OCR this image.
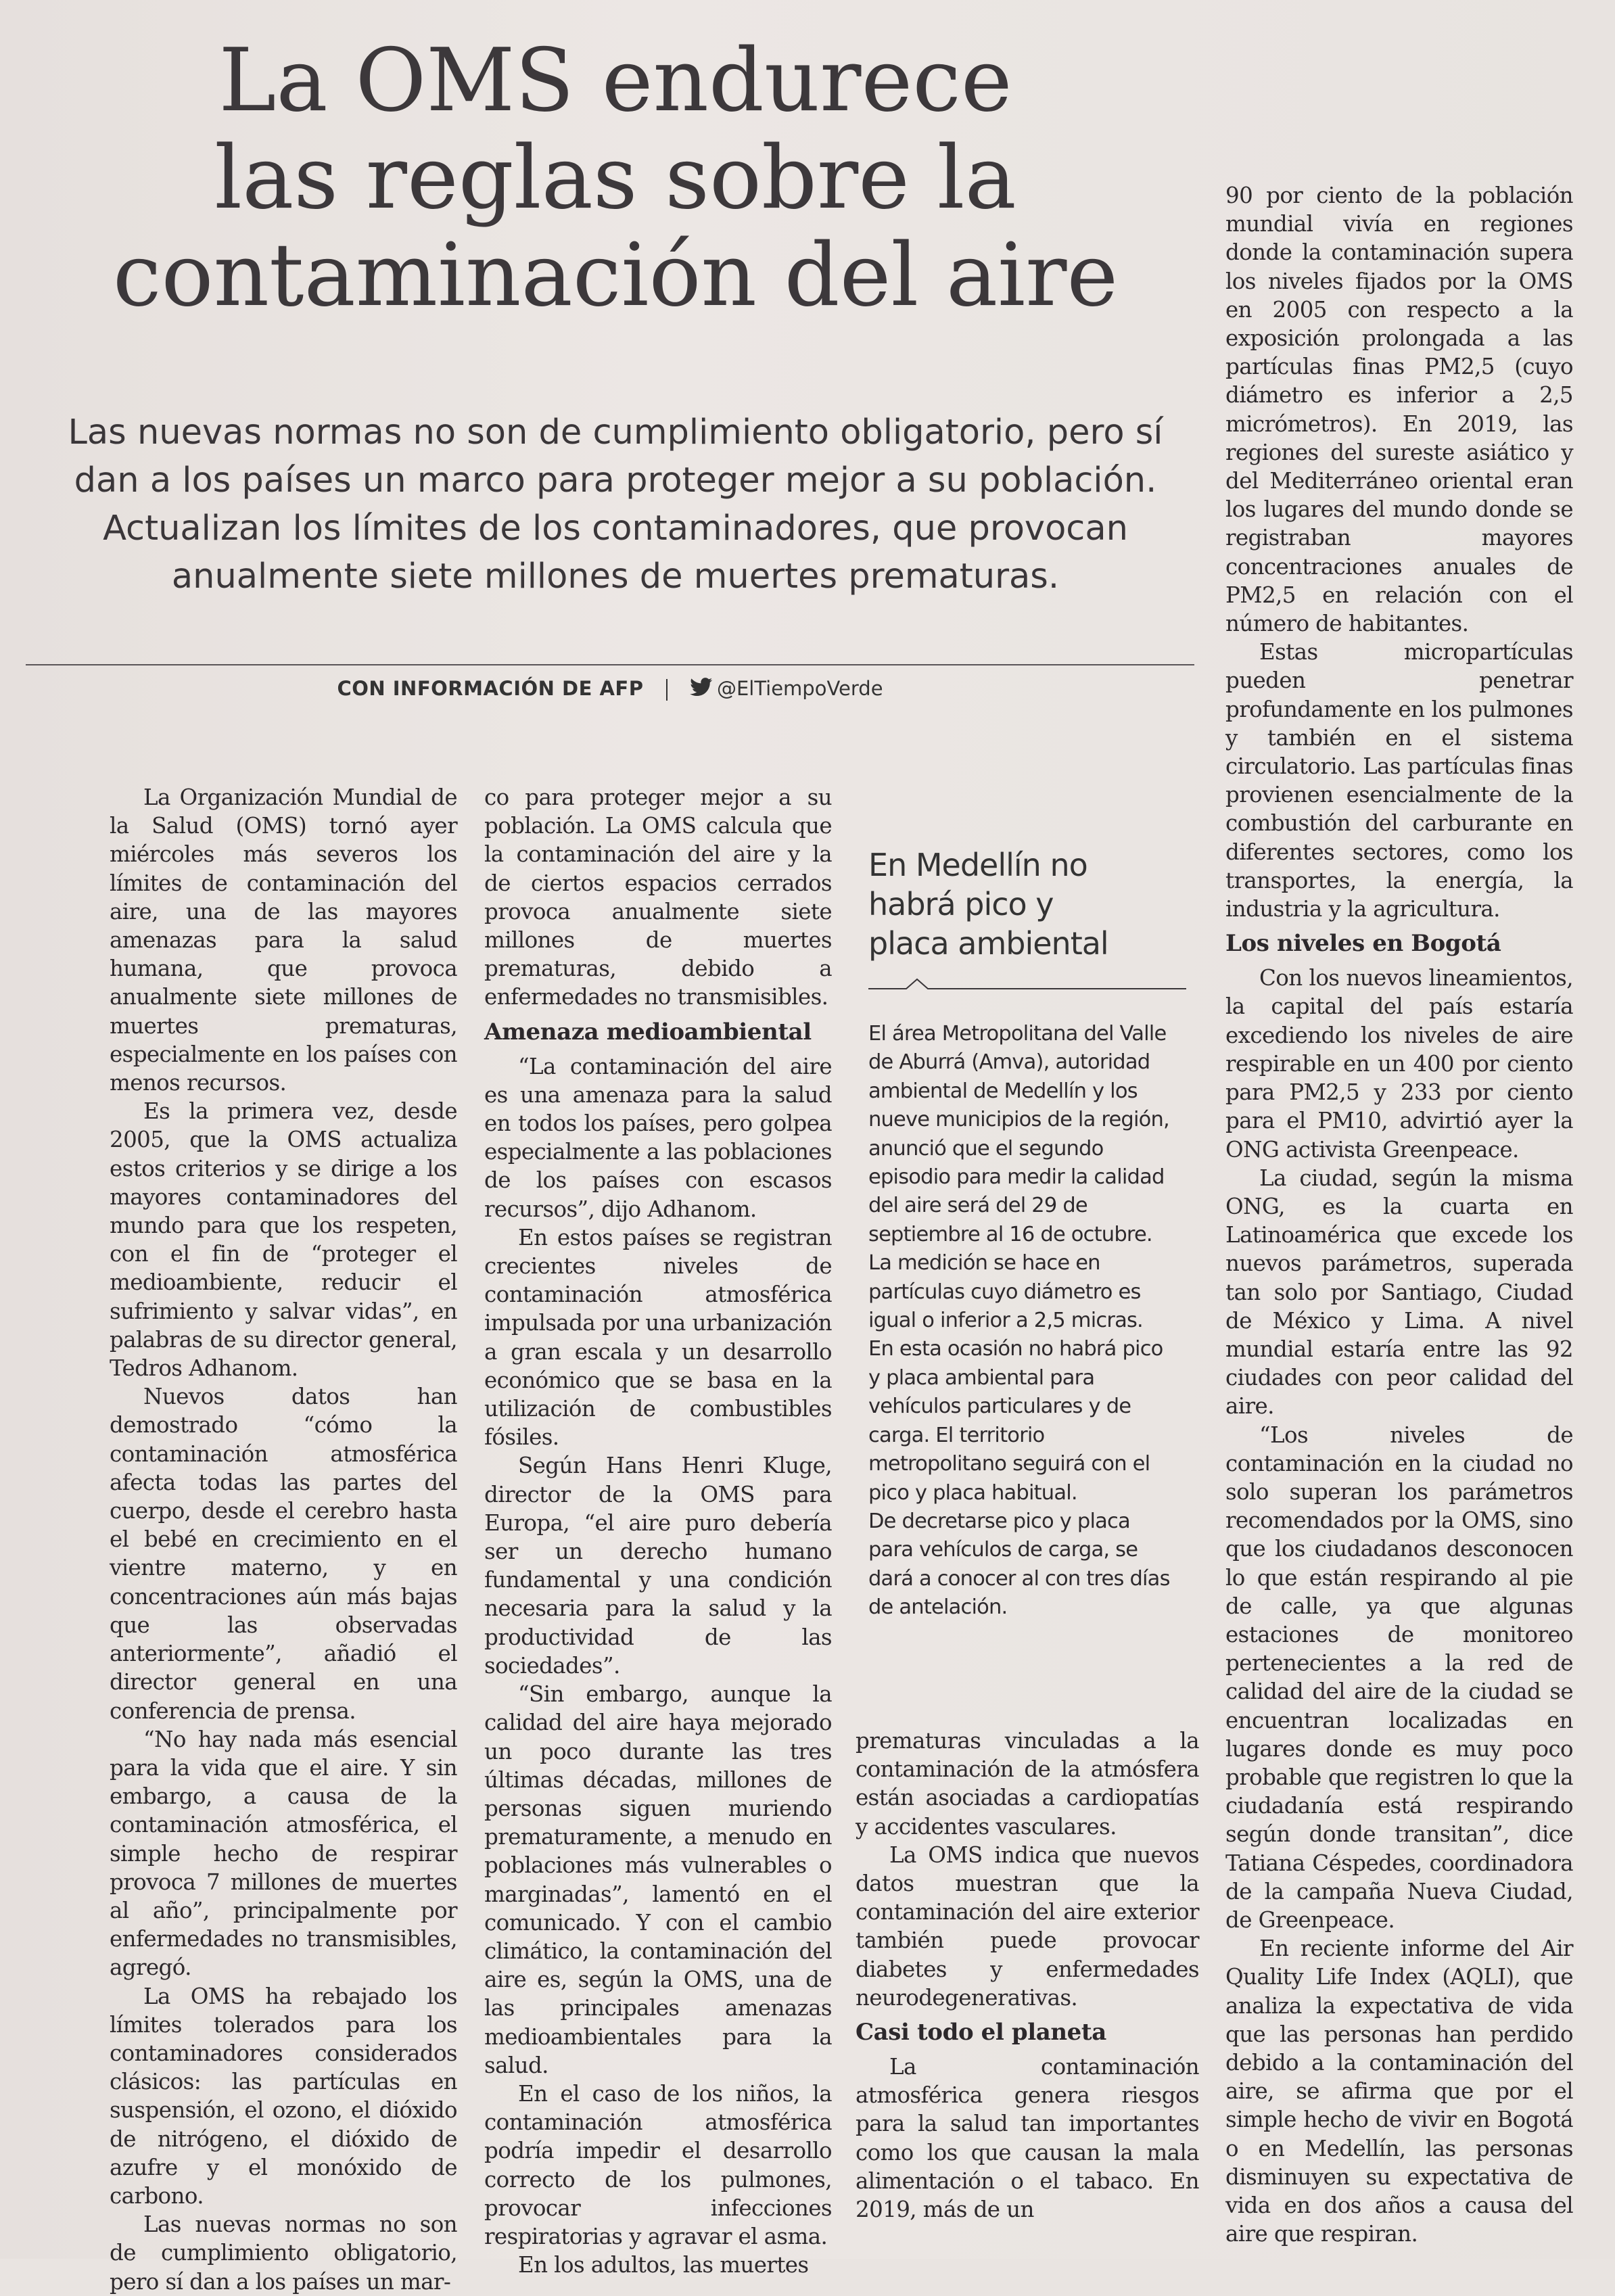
La OMS endurece
las reglas sobre la
contaminación del aire
Las nuevas normas no son de cumplimiento obligatorio, pero sí
dan a los países un marco para proteger mejor a su población.
Actualizan los límites de los contaminadores, que provocan
anualmente siete millones de muertes prematuras.
CON INFORMACIÓN DE AFP	@ElTiempoVerde

La Organización Mundial de la Salud (OMS) tornó ayer miércoles más severos los límites de contaminación del aire, una de las mayores amenazas para la salud humana, que provoca anualmente siete millones de muertes prematuras, especialmente en los países con menos recursos.

Es la primera vez, desde 2005, que la OMS actualiza estos criterios y se dirige a los mayores contaminadores del mundo para que los respeten, con el fin de “proteger el medioambiente, reducir el sufrimiento y salvar vidas”, en palabras de su director general, Tedros Adhanom.

Nuevos datos han demostrado “cómo la contaminación atmosférica afecta todas las partes del cuerpo, desde el cerebro hasta el bebé en crecimiento en el vientre materno, y en concentraciones aún más bajas que las observadas anteriormente”, añadió el director general en una conferencia de prensa.

“No hay nada más esencial para la vida que el aire. Y sin embargo, a causa de la contaminación atmosférica, el simple hecho de respirar provoca 7 millones de muertes al año”, principalmente por enfermedades no transmisibles, agregó.

La OMS ha rebajado los límites tolerados para los contaminadores considerados clásicos: las partículas en suspensión, el ozono, el dióxido de nitrógeno, el dióxido de azufre y el monóxido de carbono.

Las nuevas normas no son de cumplimiento obligatorio, pero sí dan a los países un mar-

co para proteger mejor a su población. La OMS calcula que la contaminación del aire y la de ciertos espacios cerrados provoca anualmente siete millones de muertes prematuras, debido a enfermedades no transmisibles.

Amenaza medioambiental

“La contaminación del aire es una amenaza para la salud en todos los países, pero golpea especialmente a las poblaciones de los países con escasos recursos”, dijo Adhanom.

En estos países se registran crecientes niveles de contaminación atmosférica impulsada por una urbanización a gran escala y un desarrollo económico que se basa en la utilización de combustibles fósiles.

Según Hans Henri Kluge, director de la OMS para Europa, “el aire puro debería ser un derecho humano fundamental y una condición necesaria para la salud y la productividad de las sociedades”.

“Sin embargo, aunque la calidad del aire haya mejorado un poco durante las tres últimas décadas, millones de personas siguen muriendo prematuramente, a menudo en poblaciones más vulnerables o marginadas”, lamentó en el comunicado. Y con el cambio climático, la contaminación del aire es, según la OMS, una de las principales amenazas medioambientales para la salud.

En el caso de los niños, la contaminación atmosférica podría impedir el desarrollo correcto de los pulmones, provocar infecciones respiratorias y agravar el asma.

En los adultos, las muertes

En Medellín no
habrá pico y
placa ambiental
El área Metropolitana del Valle
de Aburrá (Amva), autoridad
ambiental de Medellín y los
nueve municipios de la región,
anunció que el segundo
episodio para medir la calidad
del aire será del 29 de
septiembre al 16 de octubre.
La medición se hace en
partículas cuyo diámetro es
igual o inferior a 2,5 micras.
En esta ocasión no habrá pico
y placa ambiental para
vehículos particulares y de
carga. El territorio
metropolitano seguirá con el
pico y placa habitual.
De decretarse pico y placa
para vehículos de carga, se
dará a conocer al con tres días
de antelación.

prematuras vinculadas a la contaminación de la atmósfera están asociadas a cardiopatías y accidentes vasculares.

La OMS indica que nuevos datos muestran que la contaminación del aire exterior también puede provocar diabetes y enfermedades neurodegenerativas.

Casi todo el planeta

La contaminación atmosférica genera riesgos para la salud tan importantes como los que causan la mala alimentación o el tabaco. En 2019, más de un

90 por ciento de la población mundial vivía en regiones donde la contaminación supera los niveles fijados por la OMS en 2005 con respecto a la exposición prolongada a las partículas finas PM2,5 (cuyo diámetro es inferior a 2,5 micrómetros). En 2019, las regiones del sureste asiático y del Mediterráneo oriental eran los lugares del mundo donde se registraban mayores concentraciones anuales de PM2,5 en relación con el número de habitantes.

Estas micropartículas pueden penetrar profundamente en los pulmones y también en el sistema circulatorio. Las partículas finas provienen esencialmente de la combustión del carburante en diferentes sectores, como los transportes, la energía, la industria y la agricultura.

Los niveles en Bogotá

Con los nuevos lineamientos, la capital del país estaría excediendo los niveles de aire respirable en un 400 por ciento para PM2,5 y 233 por ciento para el PM10, advirtió ayer la ONG activista Greenpeace.

La ciudad, según la misma ONG, es la cuarta en Latinoamérica que excede los nuevos parámetros, superada tan solo por Santiago, Ciudad de México y Lima. A nivel mundial estaría entre las 92 ciudades con peor calidad del aire.

“Los niveles de contaminación en la ciudad no solo superan los parámetros recomendados por la OMS, sino que los ciudadanos desconocen lo que están respirando al pie de calle, ya que algunas estaciones de monitoreo pertenecientes a la red de calidad del aire de la ciudad se encuentran localizadas en lugares donde es muy poco probable que registren lo que la ciudadanía está respirando según donde transitan”, dice Tatiana Céspedes, coordinadora de la campaña Nueva Ciudad, de Greenpeace.

En reciente informe del Air Quality Life Index (AQLI), que analiza la expectativa de vida que las personas han perdido debido a la contaminación del aire, se afirma que por el simple hecho de vivir en Bogotá o en Medellín, las personas disminuyen su expectativa de vida en dos años a causa del aire que respiran.
